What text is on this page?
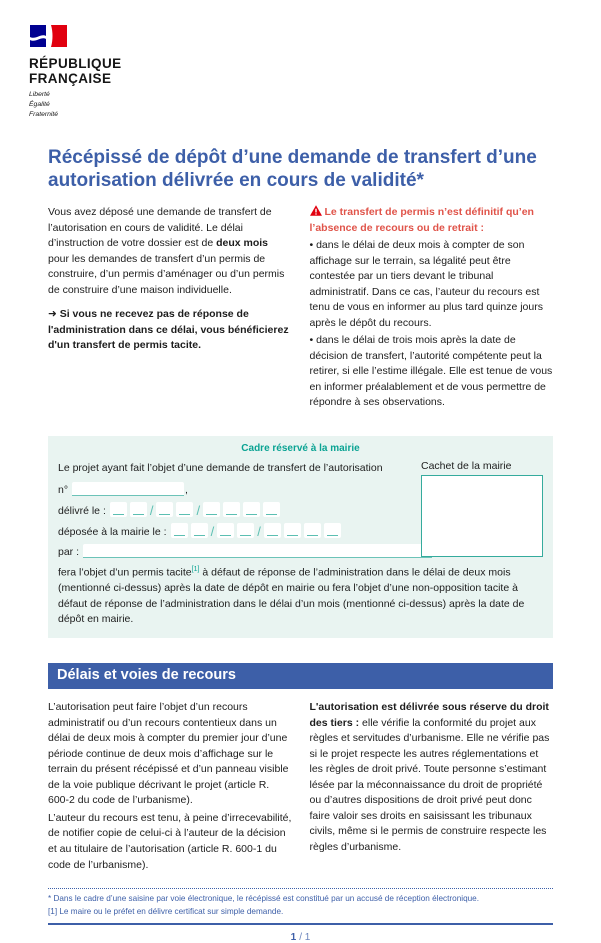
RÉPUBLIQUE
FRANÇAISE
Liberté
Égalité
Fraternité
Récépissé de dépôt d’une demande de transfert d’une autorisation délivrée en cours de validité*

Vous avez déposé une demande de transfert de l’autorisation en cours de validité. Le délai d’instruction de votre dossier est de deux mois pour les demandes de transfert d’un permis de construire, d’un permis d’aménager ou d’un permis de construire d’une maison individuelle.

➜ Si vous ne recevez pas de réponse de l'administration dans ce délai, vous bénéficierez d'un transfert de permis tacite.

Le transfert de permis n’est définitif qu’en l’absence de recours ou de retrait :

• dans le délai de deux mois à compter de son affichage sur le terrain, sa légalité peut être contestée par un tiers devant le tribunal administratif. Dans ce cas, l’auteur du recours est tenu de vous en informer au plus tard quinze jours après le dépôt du recours.

• dans le délai de trois mois après la date de décision de transfert, l’autorité compétente peut la retirer, si elle l’estime illégale. Elle est tenue de vous en informer préalablement et de vous permettre de répondre à ses observations.

Cadre réservé à la mairie
Cachet de la mairie

Le projet ayant fait l’objet d’une demande de transfert de l’autorisation

n°	,
délivré le :	/	/
déposée à la mairie le :	/	/
par :

fera l’objet d’un permis tacite[1] à défaut de réponse de l’administration dans le délai de deux mois (mentionné ci-dessus) après la date de dépôt en mairie ou fera l’objet d’une non-opposition tacite à défaut de réponse de l’administration dans le délai d’un mois (mentionné ci-dessus) après la date de dépôt en mairie.

Délais et voies de recours

L’autorisation peut faire l’objet d’un recours administratif ou d’un recours contentieux dans un délai de deux mois à compter du premier jour d’une période continue de deux mois d’affichage sur le terrain du présent récépissé et d’un panneau visible de la voie publique décrivant le projet (article R. 600-2 du code de l’urbanisme).

L’auteur du recours est tenu, à peine d’irrecevabilité, de notifier copie de celui-ci à l’auteur de la décision et au titulaire de l’autorisation (article R. 600-1 du code de l’urbanisme).

L'autorisation est délivrée sous réserve du droit des tiers : elle vérifie la conformité du projet aux règles et servitudes d’urbanisme. Elle ne vérifie pas si le projet respecte les autres réglementations et les règles de droit privé. Toute personne s’estimant lésée par la méconnaissance du droit de propriété ou d’autres dispositions de droit privé peut donc faire valoir ses droits en saisissant les tribunaux civils, même si le permis de construire respecte les règles d’urbanisme.

* Dans le cadre d’une saisine par voie électronique, le récépissé est constitué par un accusé de réception électronique.
[1] Le maire ou le préfet en délivre certificat sur simple demande.
1 / 1
